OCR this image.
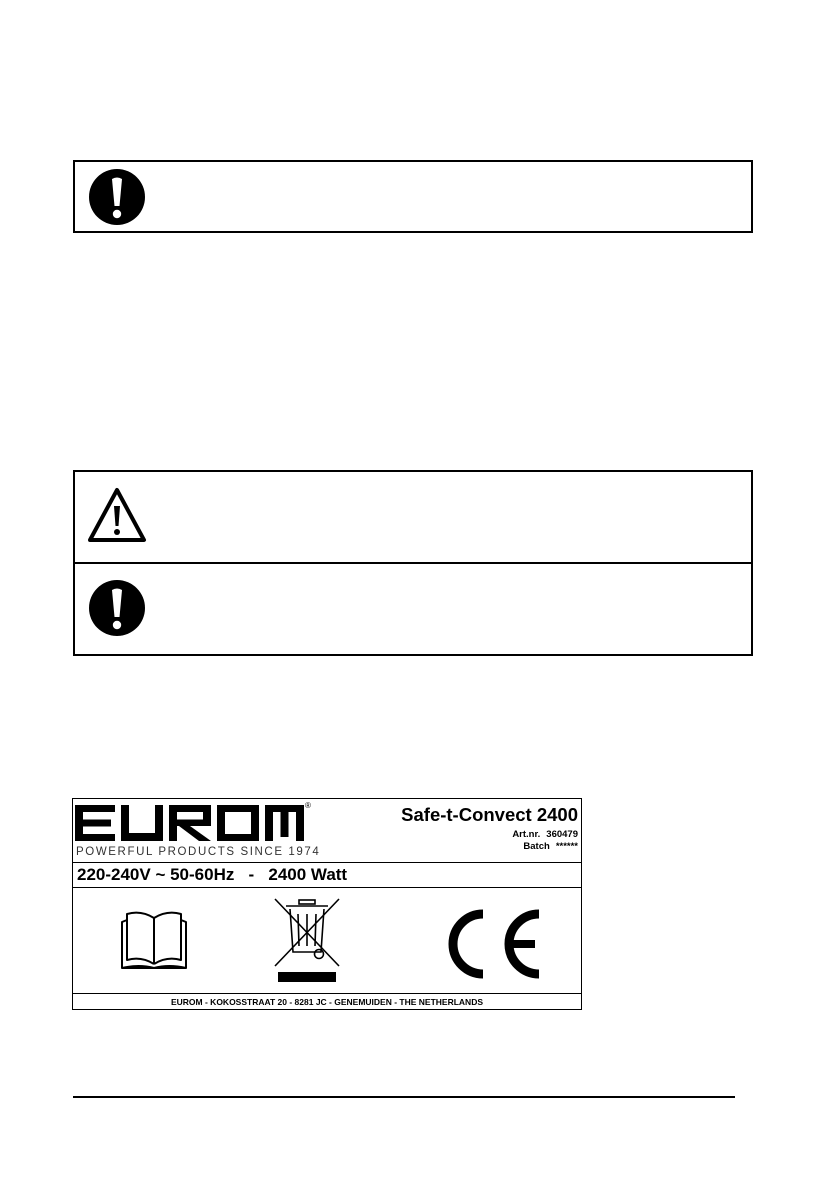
®
POWERFUL PRODUCTS SINCE 1974
Safe-t-Convect 2400
Art.nr. 360479
Batch ******
220-240V ~ 50-60Hz   -   2400 Watt
EUROM - KOKOSSTRAAT 20 - 8281 JC - GENEMUIDEN - THE NETHERLANDS
